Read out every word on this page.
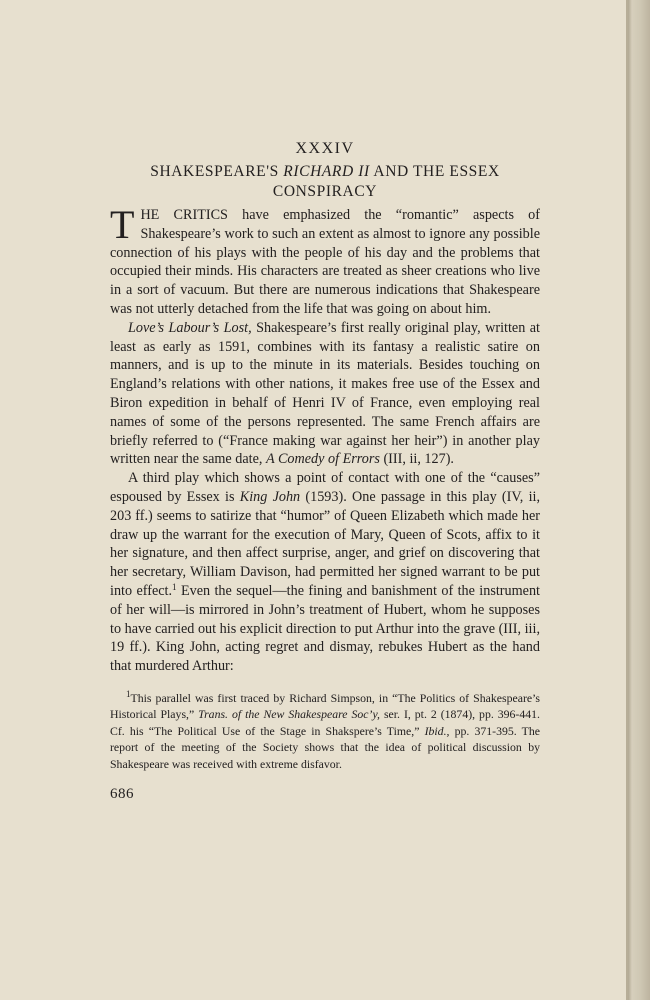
XXXIV
SHAKESPEARE'S RICHARD II AND THE ESSEX CONSPIRACY

THE CRITICS have emphasized the “romantic” aspects of Shakespeare’s work to such an extent as almost to ignore any possible connection of his plays with the people of his day and the problems that occupied their minds. His characters are treated as sheer creations who live in a sort of vacuum. But there are numerous indications that Shakespeare was not utterly detached from the life that was going on about him.

Love’s Labour’s Lost, Shakespeare’s first really original play, written at least as early as 1591, combines with its fantasy a realistic satire on manners, and is up to the minute in its materials. Besides touching on England’s relations with other nations, it makes free use of the Essex and Biron expedition in behalf of Henri IV of France, even employing real names of some of the persons represented. The same French affairs are briefly referred to (“France making war against her heir”) in another play written near the same date, A Comedy of Errors (III, ii, 127).

A third play which shows a point of contact with one of the “causes” espoused by Essex is King John (1593). One passage in this play (IV, ii, 203 ff.) seems to satirize that “humor” of Queen Elizabeth which made her draw up the warrant for the execution of Mary, Queen of Scots, affix to it her signature, and then affect surprise, anger, and grief on discovering that her secretary, William Davison, had permitted her signed warrant to be put into effect.$^1$ Even the sequel—the fining and banishment of the instrument of her will—is mirrored in John’s treatment of Hubert, whom he supposes to have carried out his explicit direction to put Arthur into the grave (III, iii, 19 ff.). King John, acting regret and dismay, rebukes Hubert as the hand that murdered Arthur:

$^1$This parallel was first traced by Richard Simpson, in “The Politics of Shakespeare’s Historical Plays,” Trans. of the New Shakespeare Soc’y, ser. I, pt. 2 (1874), pp. 396-441. Cf. his “The Political Use of the Stage in Shakspere’s Time,” Ibid., pp. 371-395. The report of the meeting of the Society shows that the idea of political discussion by Shakespeare was received with extreme disfavor.

686
